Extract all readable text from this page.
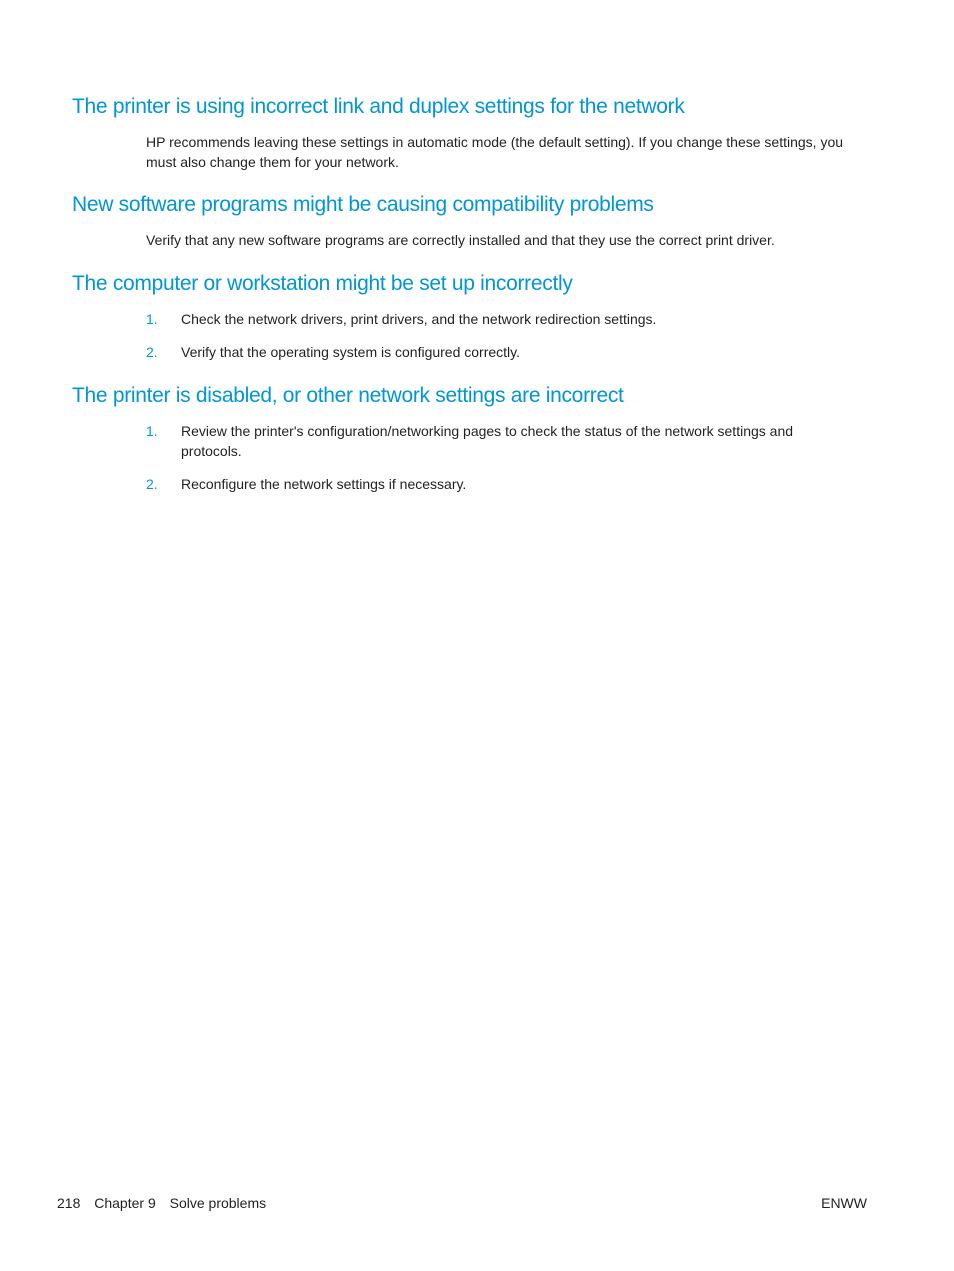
The printer is using incorrect link and duplex settings for the network

HP recommends leaving these settings in automatic mode (the default setting). If you change these settings, you must also change them for your network.

New software programs might be causing compatibility problems

Verify that any new software programs are correctly installed and that they use the correct print driver.

The computer or workstation might be set up incorrectly
1. Check the network drivers, print drivers, and the network redirection settings.
2. Verify that the operating system is configured correctly.
The printer is disabled, or other network settings are incorrect
1. Review the printer's configuration/networking pages to check the status of the network settings and protocols.
2. Reconfigure the network settings if necessary.
218 Chapter 9 Solve problems	ENWW
